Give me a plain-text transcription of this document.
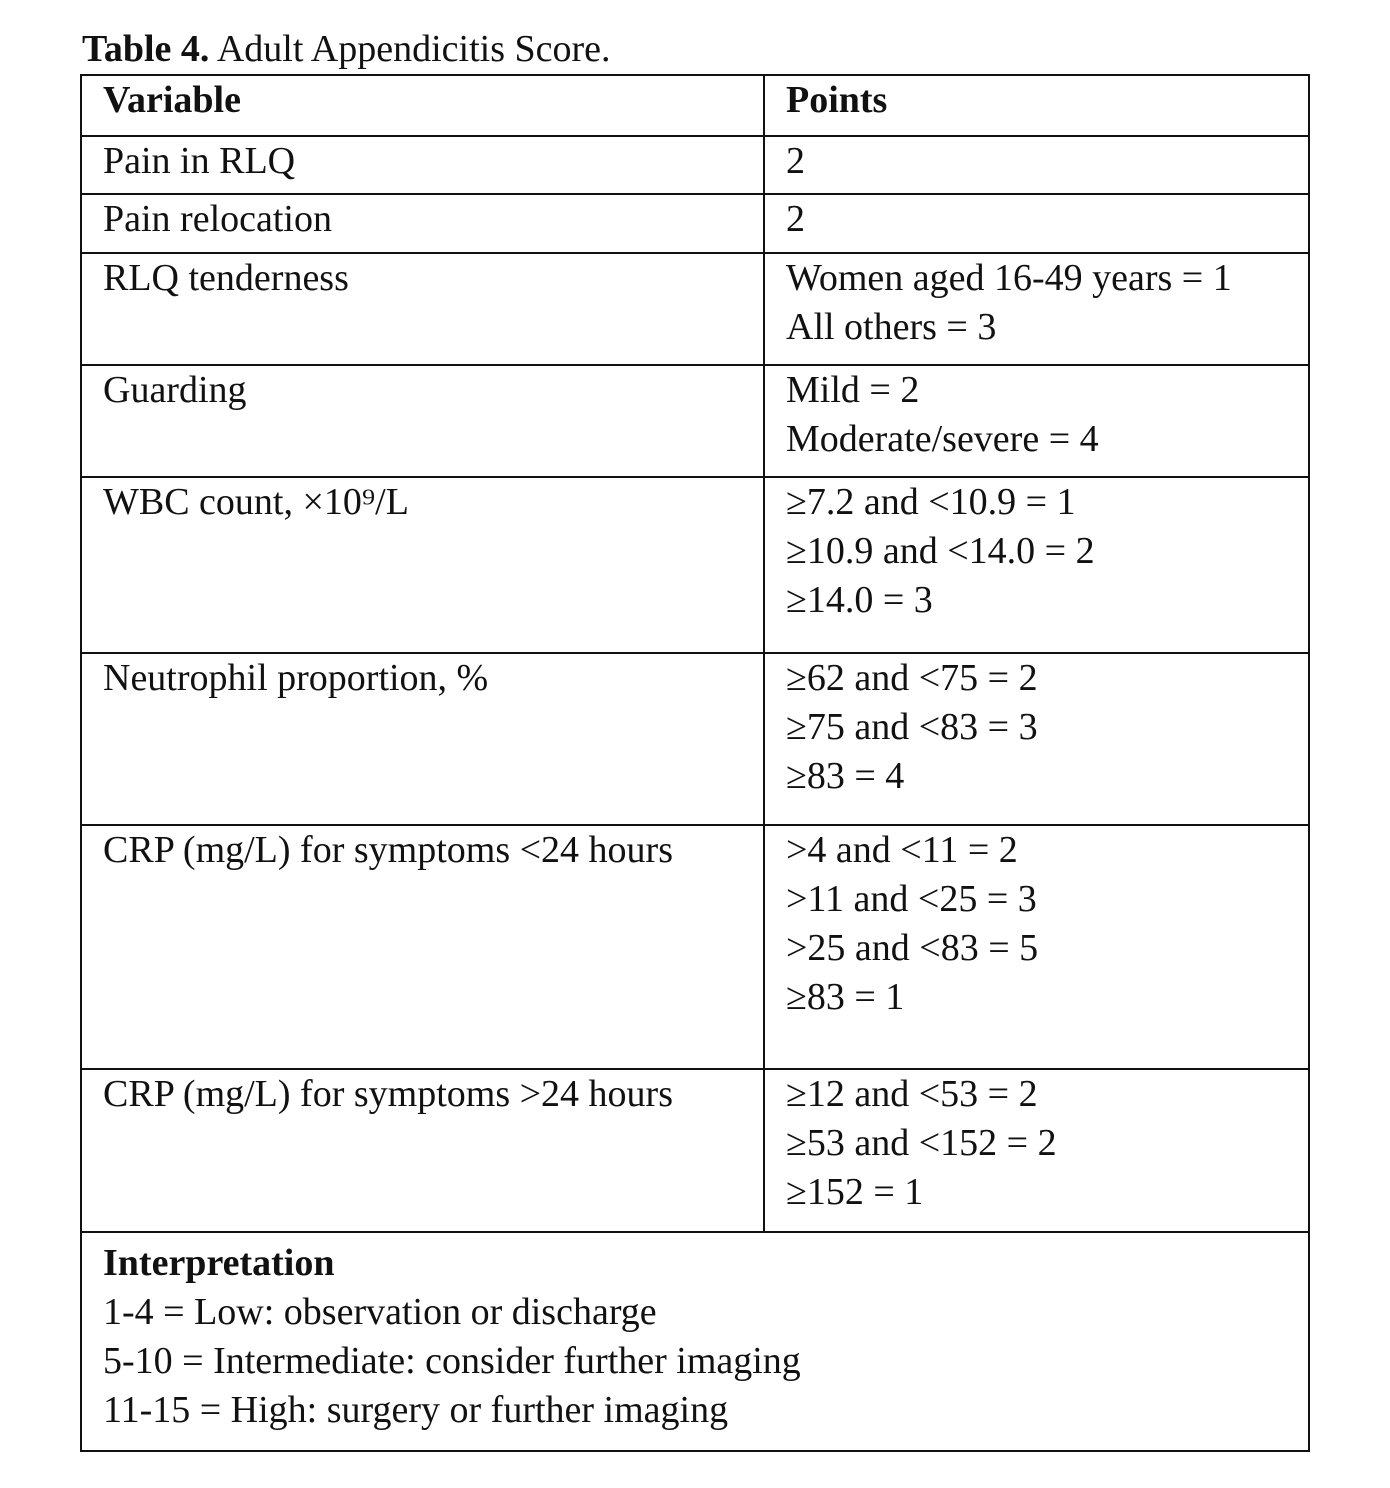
Table 4. Adult Appendicitis Score.
Variable	Points
Pain in RLQ	2

Pain relocation	2

RLQ tenderness	Women aged 16-49 years = 1
All others = 3

Guarding	Mild = 2
Moderate/severe = 4

WBC count, ×10⁹/L	≥7.2 and <10.9 = 1
≥10.9 and <14.0 = 2
≥14.0 = 3

Neutrophil proportion, %	≥62 and <75 = 2
≥75 and <83 = 3
≥83 = 4

CRP (mg/L) for symptoms <24 hours	>4 and <11 = 2
>11 and <25 = 3
>25 and <83 = 5
≥83 = 1

CRP (mg/L) for symptoms >24 hours	≥12 and <53 = 2
≥53 and <152 = 2
≥152 = 1

Interpretation
1-4 = Low: observation or discharge
5-10 = Intermediate: consider further imaging
11-15 = High: surgery or further imaging	
